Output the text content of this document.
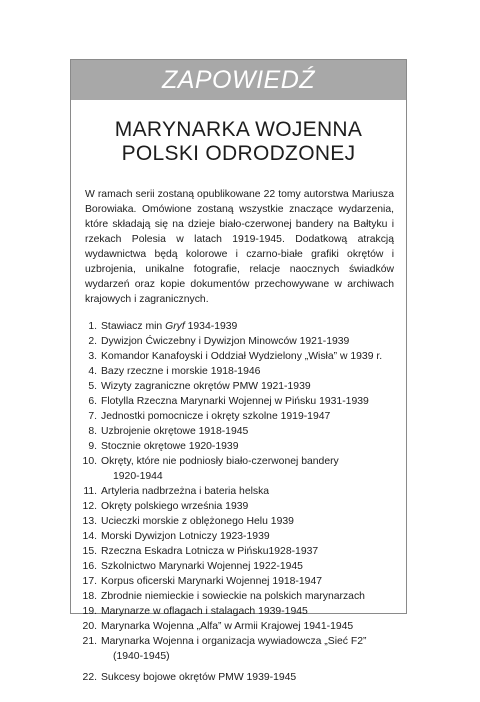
ZAPOWIEDŹ
MARYNARKA WOJENNA
POLSKI ODRODZONEJ

W ramach serii zostaną opublikowane 22 tomy autorstwa Mariusza Borowiaka. Omówione zostaną wszystkie znaczące wydarzenia, które składają się na dzieje biało-czerwonej bandery na Bałtyku i rzekach Polesia w latach 1919-1945. Dodatkową atrakcją wydawnictwa będą kolorowe i czarno-białe grafiki okrętów i uzbrojenia, unikalne fotografie, relacje naocznych świadków wydarzeń oraz kopie dokumentów przechowywane w archiwach krajowych i zagranicznych.

1. Stawiacz min Gryf 1934-1939
2. Dywizjon Ćwiczebny i Dywizjon Minowców 1921-1939
3. Komandor Kanafoyski i Oddział Wydzielony „Wisła” w 1939 r.
4. Bazy rzeczne i morskie 1918-1946
5. Wizyty zagraniczne okrętów PMW 1921-1939
6. Flotylla Rzeczna Marynarki Wojennej w Pińsku 1931-1939
7. Jednostki pomocnicze i okręty szkolne 1919-1947
8. Uzbrojenie okrętowe 1918-1945
9. Stocznie okrętowe 1920-1939
10. Okręty, które nie podniosły biało-czerwonej bandery
1920-1944
11. Artyleria nadbrzeżna i bateria helska
12. Okręty polskiego września 1939
13. Ucieczki morskie z oblężonego Helu 1939
14. Morski Dywizjon Lotniczy 1923-1939
15. Rzeczna Eskadra Lotnicza w Pińsku1928-1937
16. Szkolnictwo Marynarki Wojennej 1922-1945
17. Korpus oficerski Marynarki Wojennej 1918-1947
18. Zbrodnie niemieckie i sowieckie na polskich marynarzach
19. Marynarze w oflagach i stalagach 1939-1945
20. Marynarka Wojenna „Alfa” w Armii Krajowej 1941-1945
21. Marynarka Wojenna i organizacja wywiadowcza „Sieć F2”
(1940-1945)
22. Sukcesy bojowe okrętów PMW 1939-1945
